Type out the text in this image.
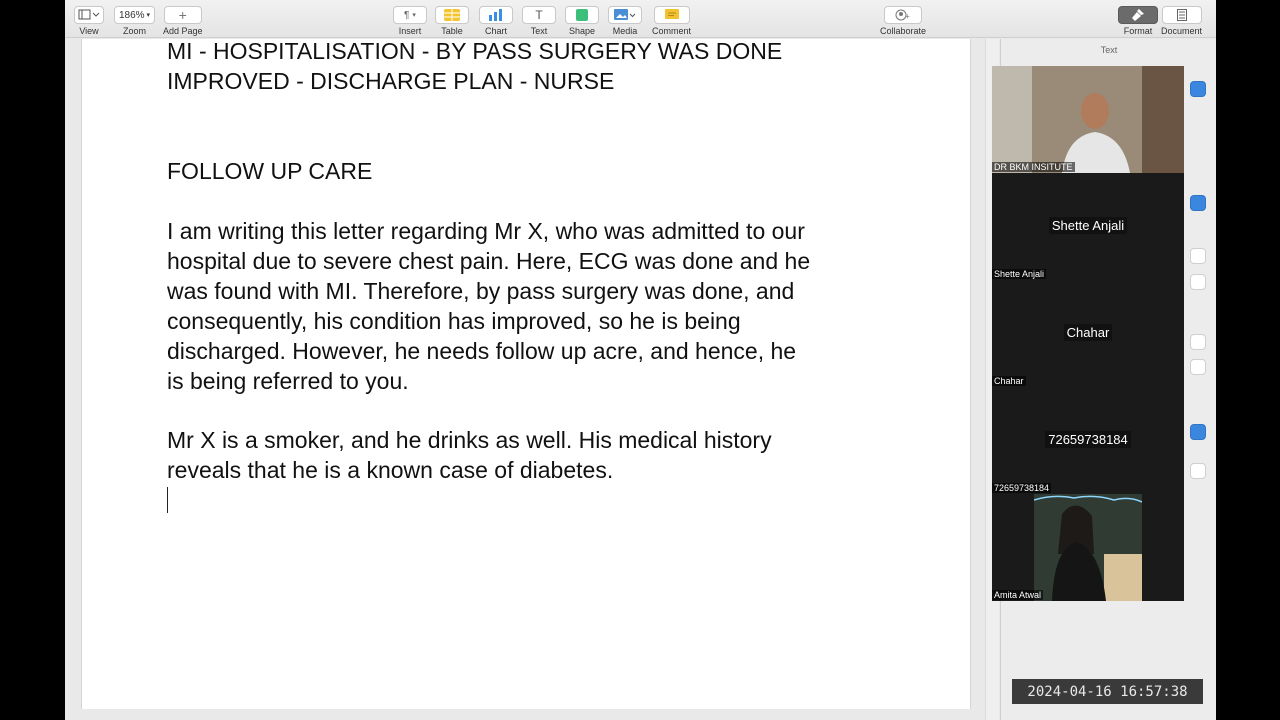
View
186% ▾
Zoom
+
Add Page
¶ ▾
Insert Table Chart
T
Text Shape Media Comment
+
Collaborate	Format Document
MI - HOSPITALISATION - BY PASS SURGERY WAS DONE
IMPROVED - DISCHARGE PLAN - NURSE
FOLLOW UP CARE
I am writing this letter regarding Mr X, who was admitted to our
hospital due to severe chest pain. Here, ECG was done and he
was found with MI. Therefore, by pass surgery was done, and
consequently, his condition has improved, so he is being
discharged. However, he needs follow up acre, and hence, he
is being referred to you.
Mr X is a smoker, and he drinks as well. His medical history
reveals that he is a known case of diabetes.
Text
DR BKM INSITUTE
Shette Anjali
Shette Anjali
Chahar
Chahar
72659738184
72659738184
Amita Atwal
2024-04-16 16:57:38
